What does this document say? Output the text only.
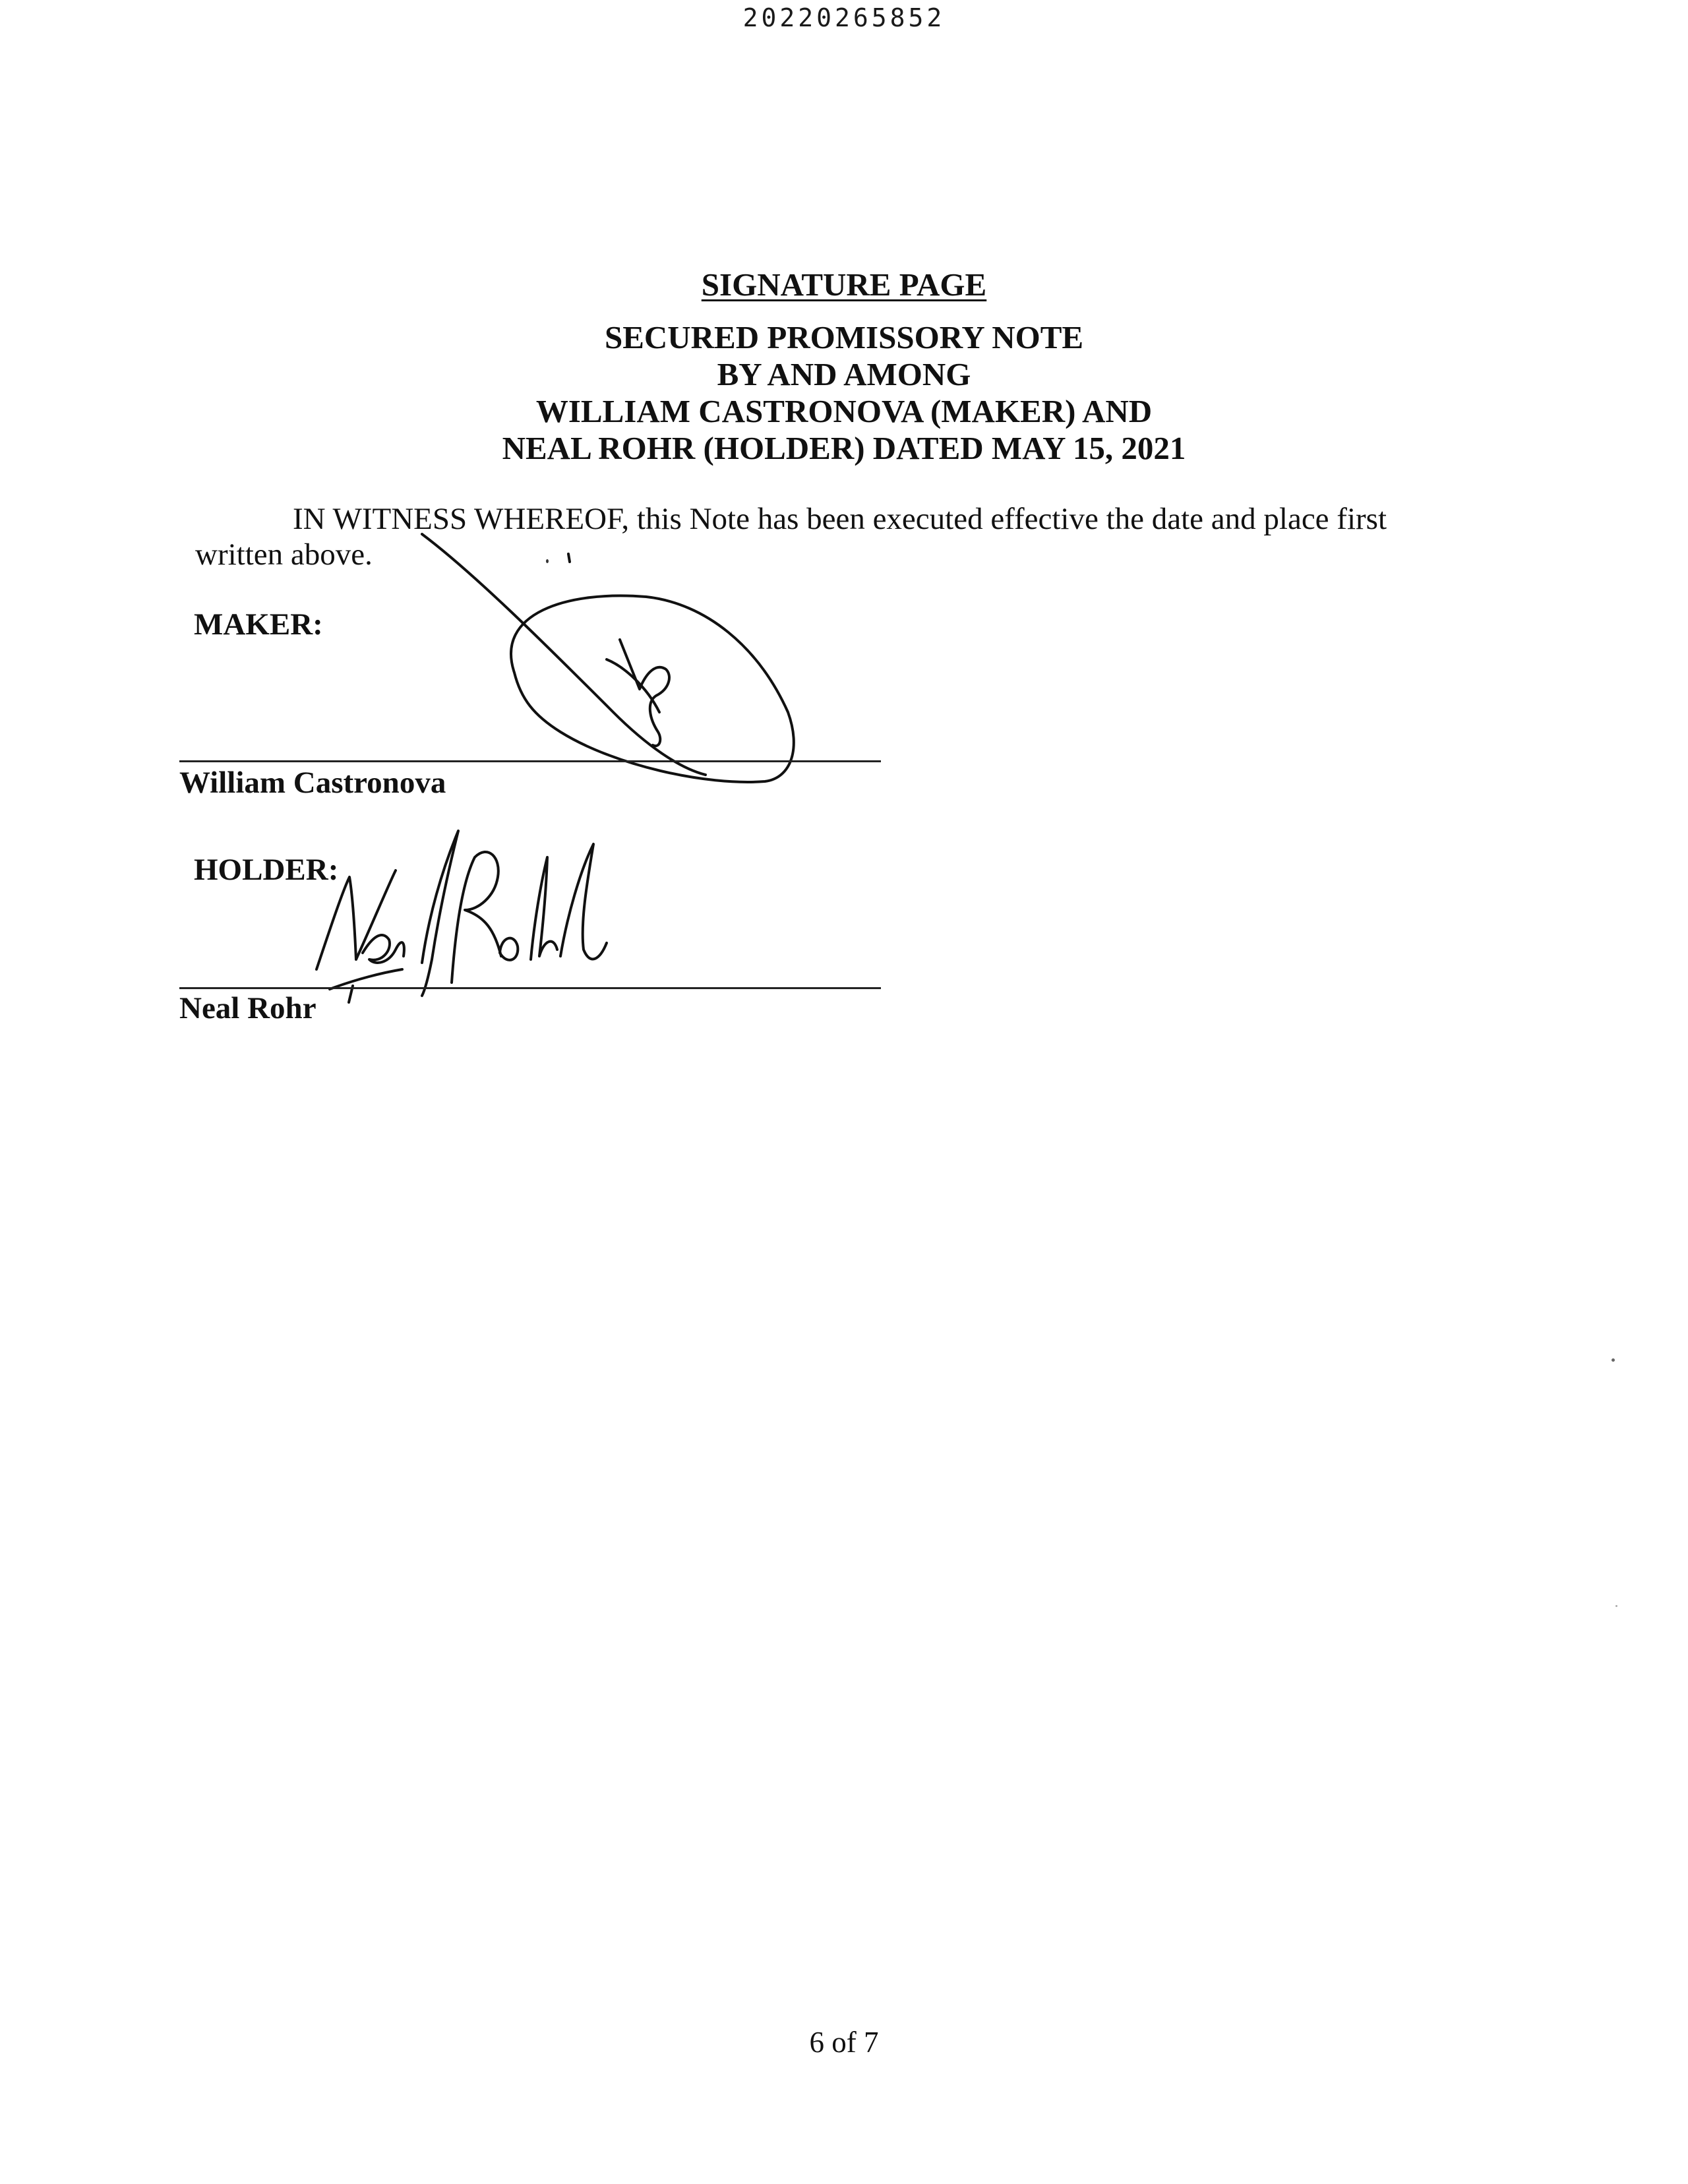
20220265852
SIGNATURE PAGE
SECURED PROMISSORY NOTE
BY AND AMONG
WILLIAM CASTRONOVA (MAKER) AND
NEAL ROHR (HOLDER) DATED MAY 15, 2021
IN WITNESS WHEREOF, this Note has been executed effective the date and place first
written above.
MAKER:
William Castronova
HOLDER:
Neal Rohr
6 of 7
